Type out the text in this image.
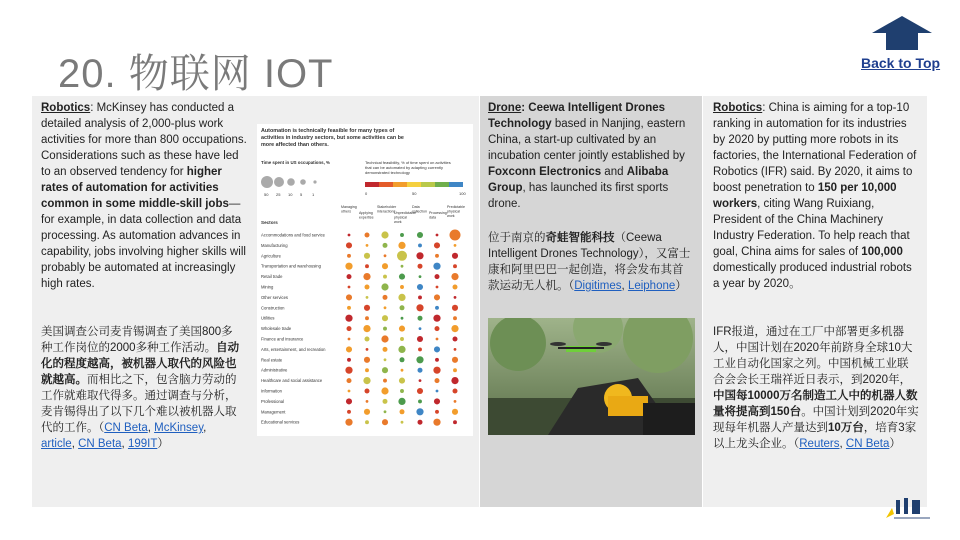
20. 物联网 IOT	Back to Top
Robotics: McKinsey has conducted a detailed analysis of 2,000-plus work activities for more than 800 occupations. Considerations such as these have led to an observed tendency for higher rates of automation for activities common in some middle-skill jobs—for example, in data collection and data processing. As automation advances in capability, jobs involving higher skills will probably be automated at increasingly high rates.
美国调查公司麦肯锡调查了美国800多种工作岗位的2000多种工作活动。自动化的程度越高，被机器人取代的风险也就越高。而相比之下，包含脑力劳动的工作就难取代得多。通过调查与分析，麦肯锡得出了以下几个难以被机器人取代的工作。（CN Beta, McKinsey, article, CN Beta, 199IT）
Automation is technically feasible for many types of
activities in industry sectors, but some activities can be
more affected than others.
Time spent in US occupations, %	Technical feasibility, % of time spent on activities
that can be automated by adapting currently
demonstrated technology
50 25 10 5 1	0	50	100
Managing
others Applying
expertise
Stakeholder
interactions
Unpredictable
physical
work
Data
collection Processing
data
Predictable
physical
work
Sectors
Accommodations and food service
Manufacturing
Agriculture
Transportation and warehousing
Retail trade
Mining
Other services
Construction
Utilities
Wholesale trade
Finance and insurance
Arts, entertainment, and recreation
Real estate
Administrative
Healthcare and social assistance
Information
Professional
Management
Educational services
Drone: Ceewa Intelligent Drones Technology based in Nanjing, eastern China, a start-up cultivated by an incubation center jointly established by Foxconn Electronics and Alibaba Group, has launched its first sports drone.
位于南京的奇蛙智能科技（Ceewa Intelligent Drones Technology），又富士康和阿里巴巴一起创造，将会发布其首款运动无人机。（Digitimes, Leiphone）
Robotics: China is aiming for a top-10 ranking in automation for its industries by 2020 by putting more robots in its factories, the International Federation of Robotics (IFR) said. By 2020, it aims to boost penetration to 150 per 10,000 workers, citing Wang Ruixiang, President of the China Machinery Industry Federation. To help reach that goal, China aims for sales of 100,000 domestically produced industrial robots a year by 2020。
IFR报道，通过在工厂中部署更多机器人，中国计划在2020年前跻身全球10大工业自动化国家之列。中国机械工业联合会会长王瑞祥近日表示，到2020年，中国每10000万名制造工人中的机器人数量将提高到150台。中国计划到2020年实现每年机器人产量达到10万台，培育3家以上龙头企业。（Reuters, CN Beta）
